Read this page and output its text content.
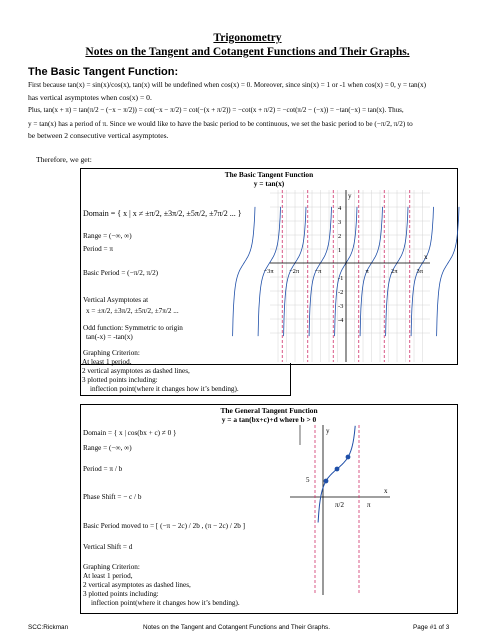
Trigonometry
Notes on the Tangent and Cotangent Functions and Their Graphs.
The Basic Tangent Function:
First because tan(x) = sin(x)/cos(x), tan(x) will be undefined when cos(x) = 0. Moreover, since sin(x) = 1 or -1 when cos(x) = 0, y = tan(x)
has vertical asymptotes when cos(x) = 0.
Plus, tan(x + π) = tan(π/2 − (−x − π/2)) = cot(−x − π/2) = cot(−(x + π/2)) = −cot(x + π/2) = −cot(π/2 − (−x)) = −tan(−x) = tan(x). Thus,
y = tan(x) has a period of π. Since we would like to have the basic period to be continuous, we set the basic period to be (−π/2, π/2) to
be between 2 consecutive vertical asymptotes.
Therefore, we get:
The Basic Tangent Function
y = tan(x)
Domain = { x | x ≠ ±π/2, ±3π/2, ±5π/2, ±7π/2 ... }
Range = (−∞, ∞)
Period = π
Basic Period = (−π/2, π/2)
Vertical Asymptotes at
x = ±π/2, ±3π/2, ±5π/2, ±7π/2 ...
Odd function: Symmetric to origin
tan(-x) = -tan(x)
Graphing Criterion:
At least 1 period,
2 vertical asymptotes as dashed lines,
3 plotted points including:
inflection point(where it changes how it’s bending).
y
x
4
3
2
1
-1
-2
-3
-4
−3π −2π −π	π	2π	3π
The General Tangent Function
y = a tan(bx+c)+d where b > 0
Domain = { x | cos(bx + c) ≠ 0 }
Range = (−∞, ∞)
Period = π / b
Phase Shift = − c / b
Basic Period moved to = [ (−π − 2c) / 2b , (π − 2c) / 2b ]
Vertical Shift = d
Graphing Criterion:
At least 1 period,
2 vertical asymptotes as dashed lines,
3 plotted points including:
inflection point(where it changes how it’s bending).
y
x
5
π/2	π
SCC:Rickman	Notes on the Tangent and Cotangent Functions and Their Graphs.	Page #1 of 3
